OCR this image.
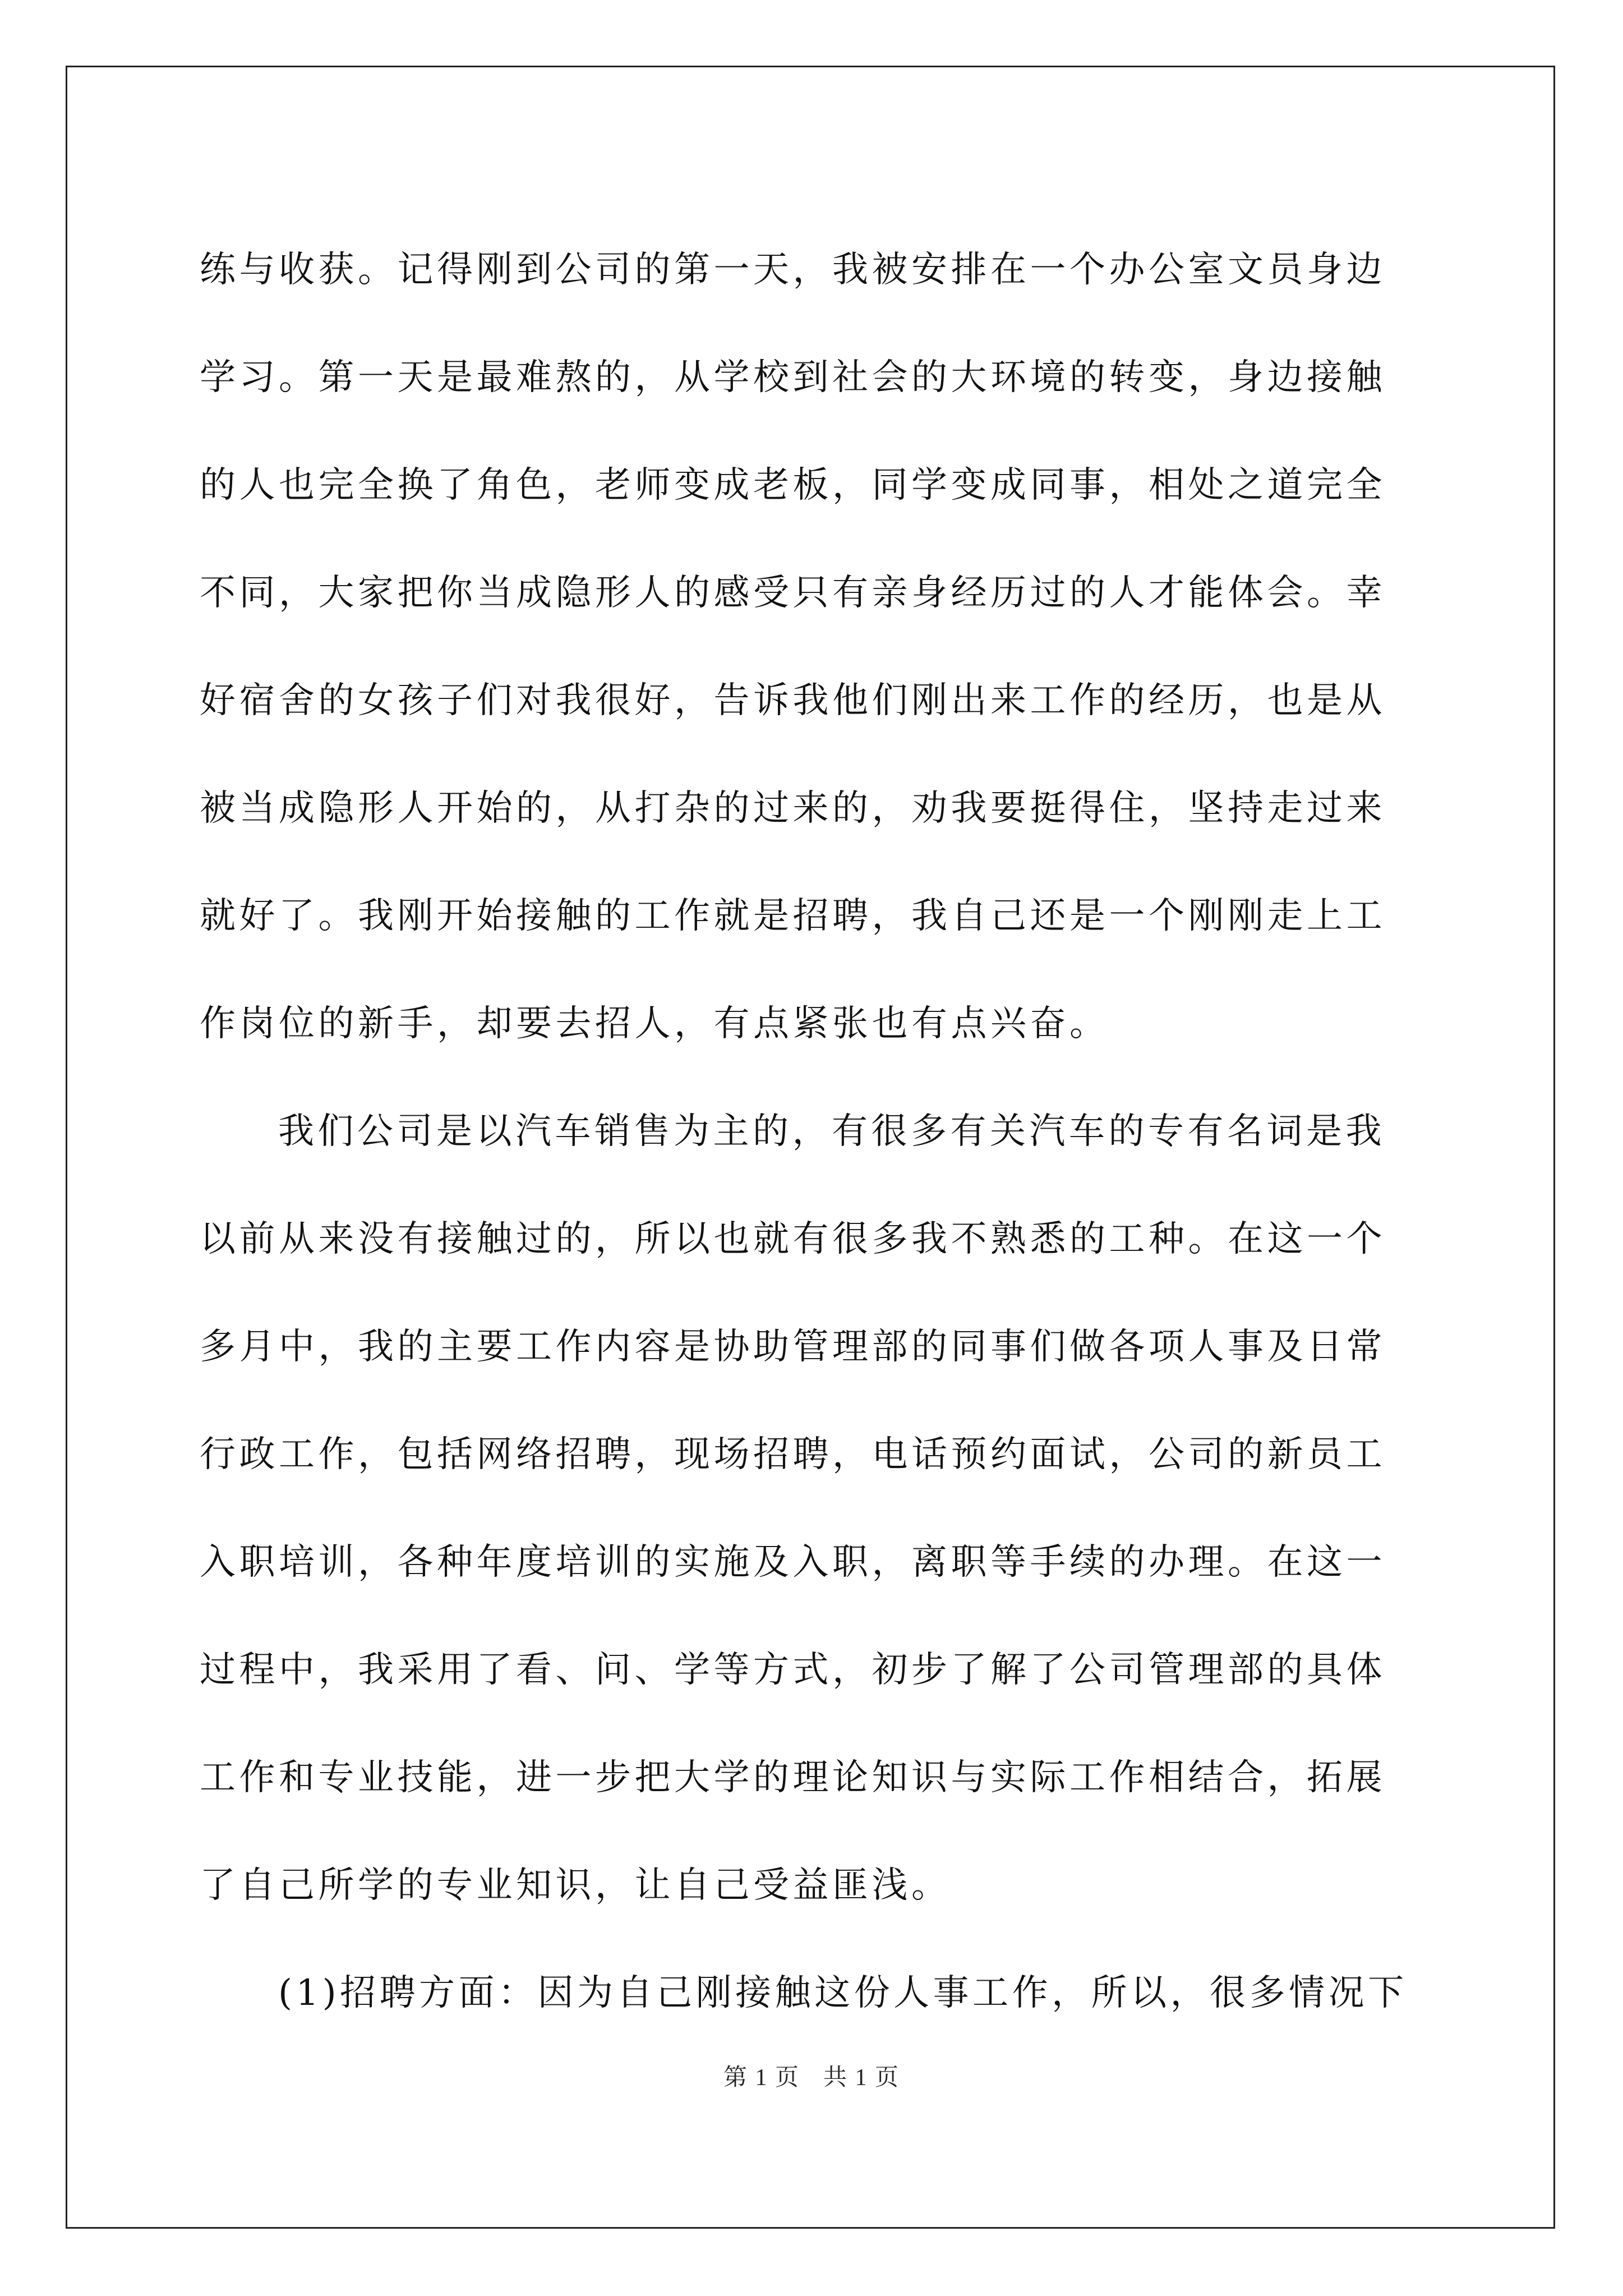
练与收获。记得刚到公司的第一天，我被安排在一个办公室文员身边
学习。第一天是最难熬的，从学校到社会的大环境的转变，身边接触
的人也完全换了角色，老师变成老板，同学变成同事，相处之道完全
不同，大家把你当成隐形人的感受只有亲身经历过的人才能体会。幸
好宿舍的女孩子们对我很好，告诉我他们刚出来工作的经历，也是从
被当成隐形人开始的，从打杂的过来的，劝我要挺得住，坚持走过来
就好了。我刚开始接触的工作就是招聘，我自己还是一个刚刚走上工
作岗位的新手，却要去招人，有点紧张也有点兴奋。
我们公司是以汽车销售为主的，有很多有关汽车的专有名词是我
以前从来没有接触过的，所以也就有很多我不熟悉的工种。在这一个
多月中，我的主要工作内容是协助管理部的同事们做各项人事及日常
行政工作，包括网络招聘，现场招聘，电话预约面试，公司的新员工
入职培训，各种年度培训的实施及入职，离职等手续的办理。在这一
过程中，我采用了看、问、学等方式，初步了解了公司管理部的具体
工作和专业技能，进一步把大学的理论知识与实际工作相结合，拓展
了自己所学的专业知识，让自己受益匪浅。
(1)招聘方面：因为自己刚接触这份人事工作，所以，很多情况下
第 1 页 共 1 页
